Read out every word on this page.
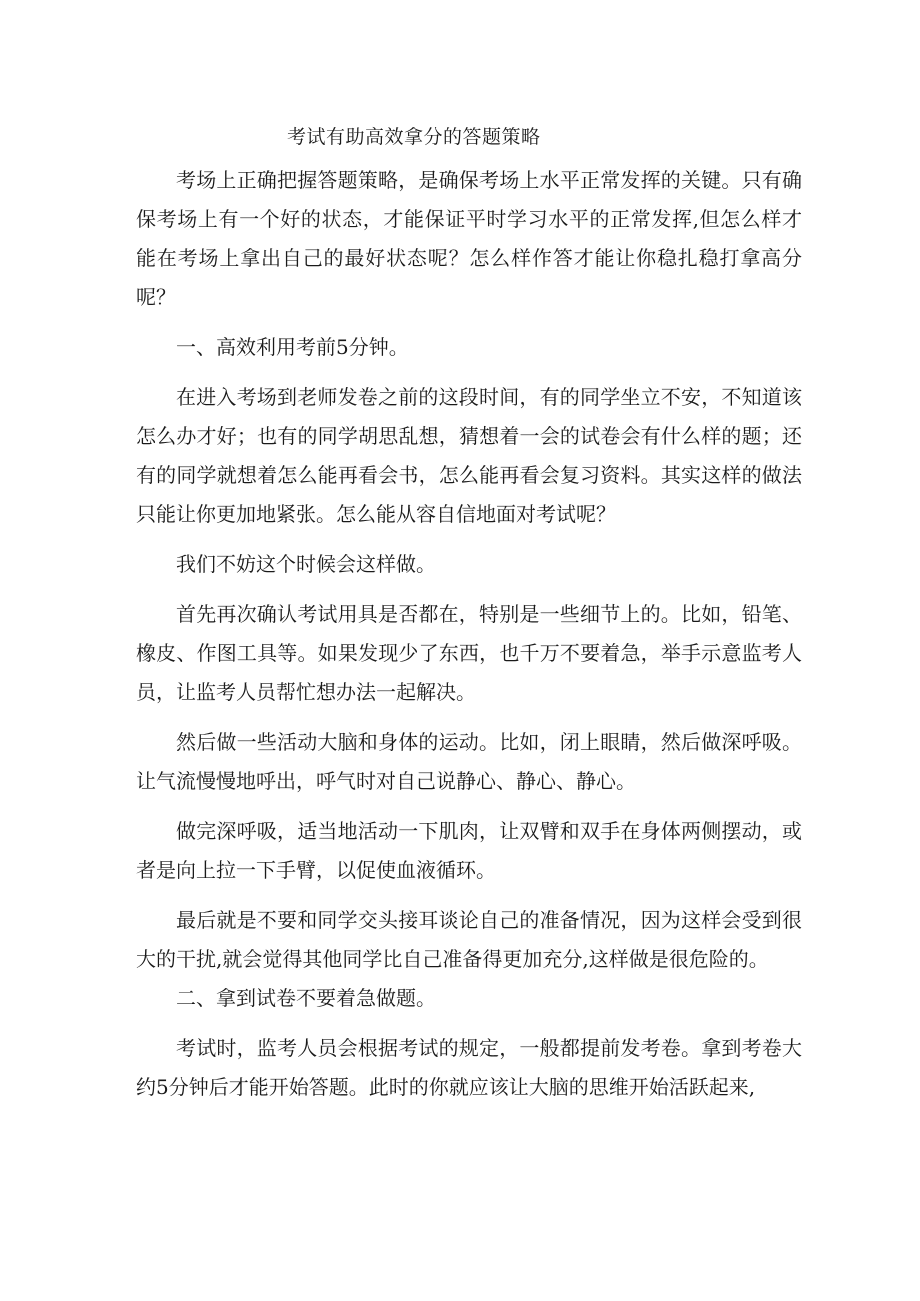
考试有助高效拿分的答题策略

考场上正确把握答题策略，是确保考场上水平正常发挥的关键。只有确保考场上有一个好的状态，才能保证平时学习水平的正常发挥,但怎么样才能在考场上拿出自己的最好状态呢？怎么样作答才能让你稳扎稳打拿高分呢？

一、高效利用考前5分钟。

在进入考场到老师发卷之前的这段时间，有的同学坐立不安，不知道该怎么办才好；也有的同学胡思乱想，猜想着一会的试卷会有什么样的题；还有的同学就想着怎么能再看会书，怎么能再看会复习资料。其实这样的做法只能让你更加地紧张。怎么能从容自信地面对考试呢？

我们不妨这个时候会这样做。

首先再次确认考试用具是否都在，特别是一些细节上的。比如，铅笔、橡皮、作图工具等。如果发现少了东西，也千万不要着急，举手示意监考人员，让监考人员帮忙想办法一起解决。

然后做一些活动大脑和身体的运动。比如，闭上眼睛，然后做深呼吸。让气流慢慢地呼出，呼气时对自己说静心、静心、静心。

做完深呼吸，适当地活动一下肌肉，让双臂和双手在身体两侧摆动，或者是向上拉一下手臂，以促使血液循环。

最后就是不要和同学交头接耳谈论自己的准备情况，因为这样会受到很大的干扰,就会觉得其他同学比自己准备得更加充分,这样做是很危险的。

二、拿到试卷不要着急做题。

考试时，监考人员会根据考试的规定，一般都提前发考卷。拿到考卷大约5分钟后才能开始答题。此时的你就应该让大脑的思维开始活跃起来,
